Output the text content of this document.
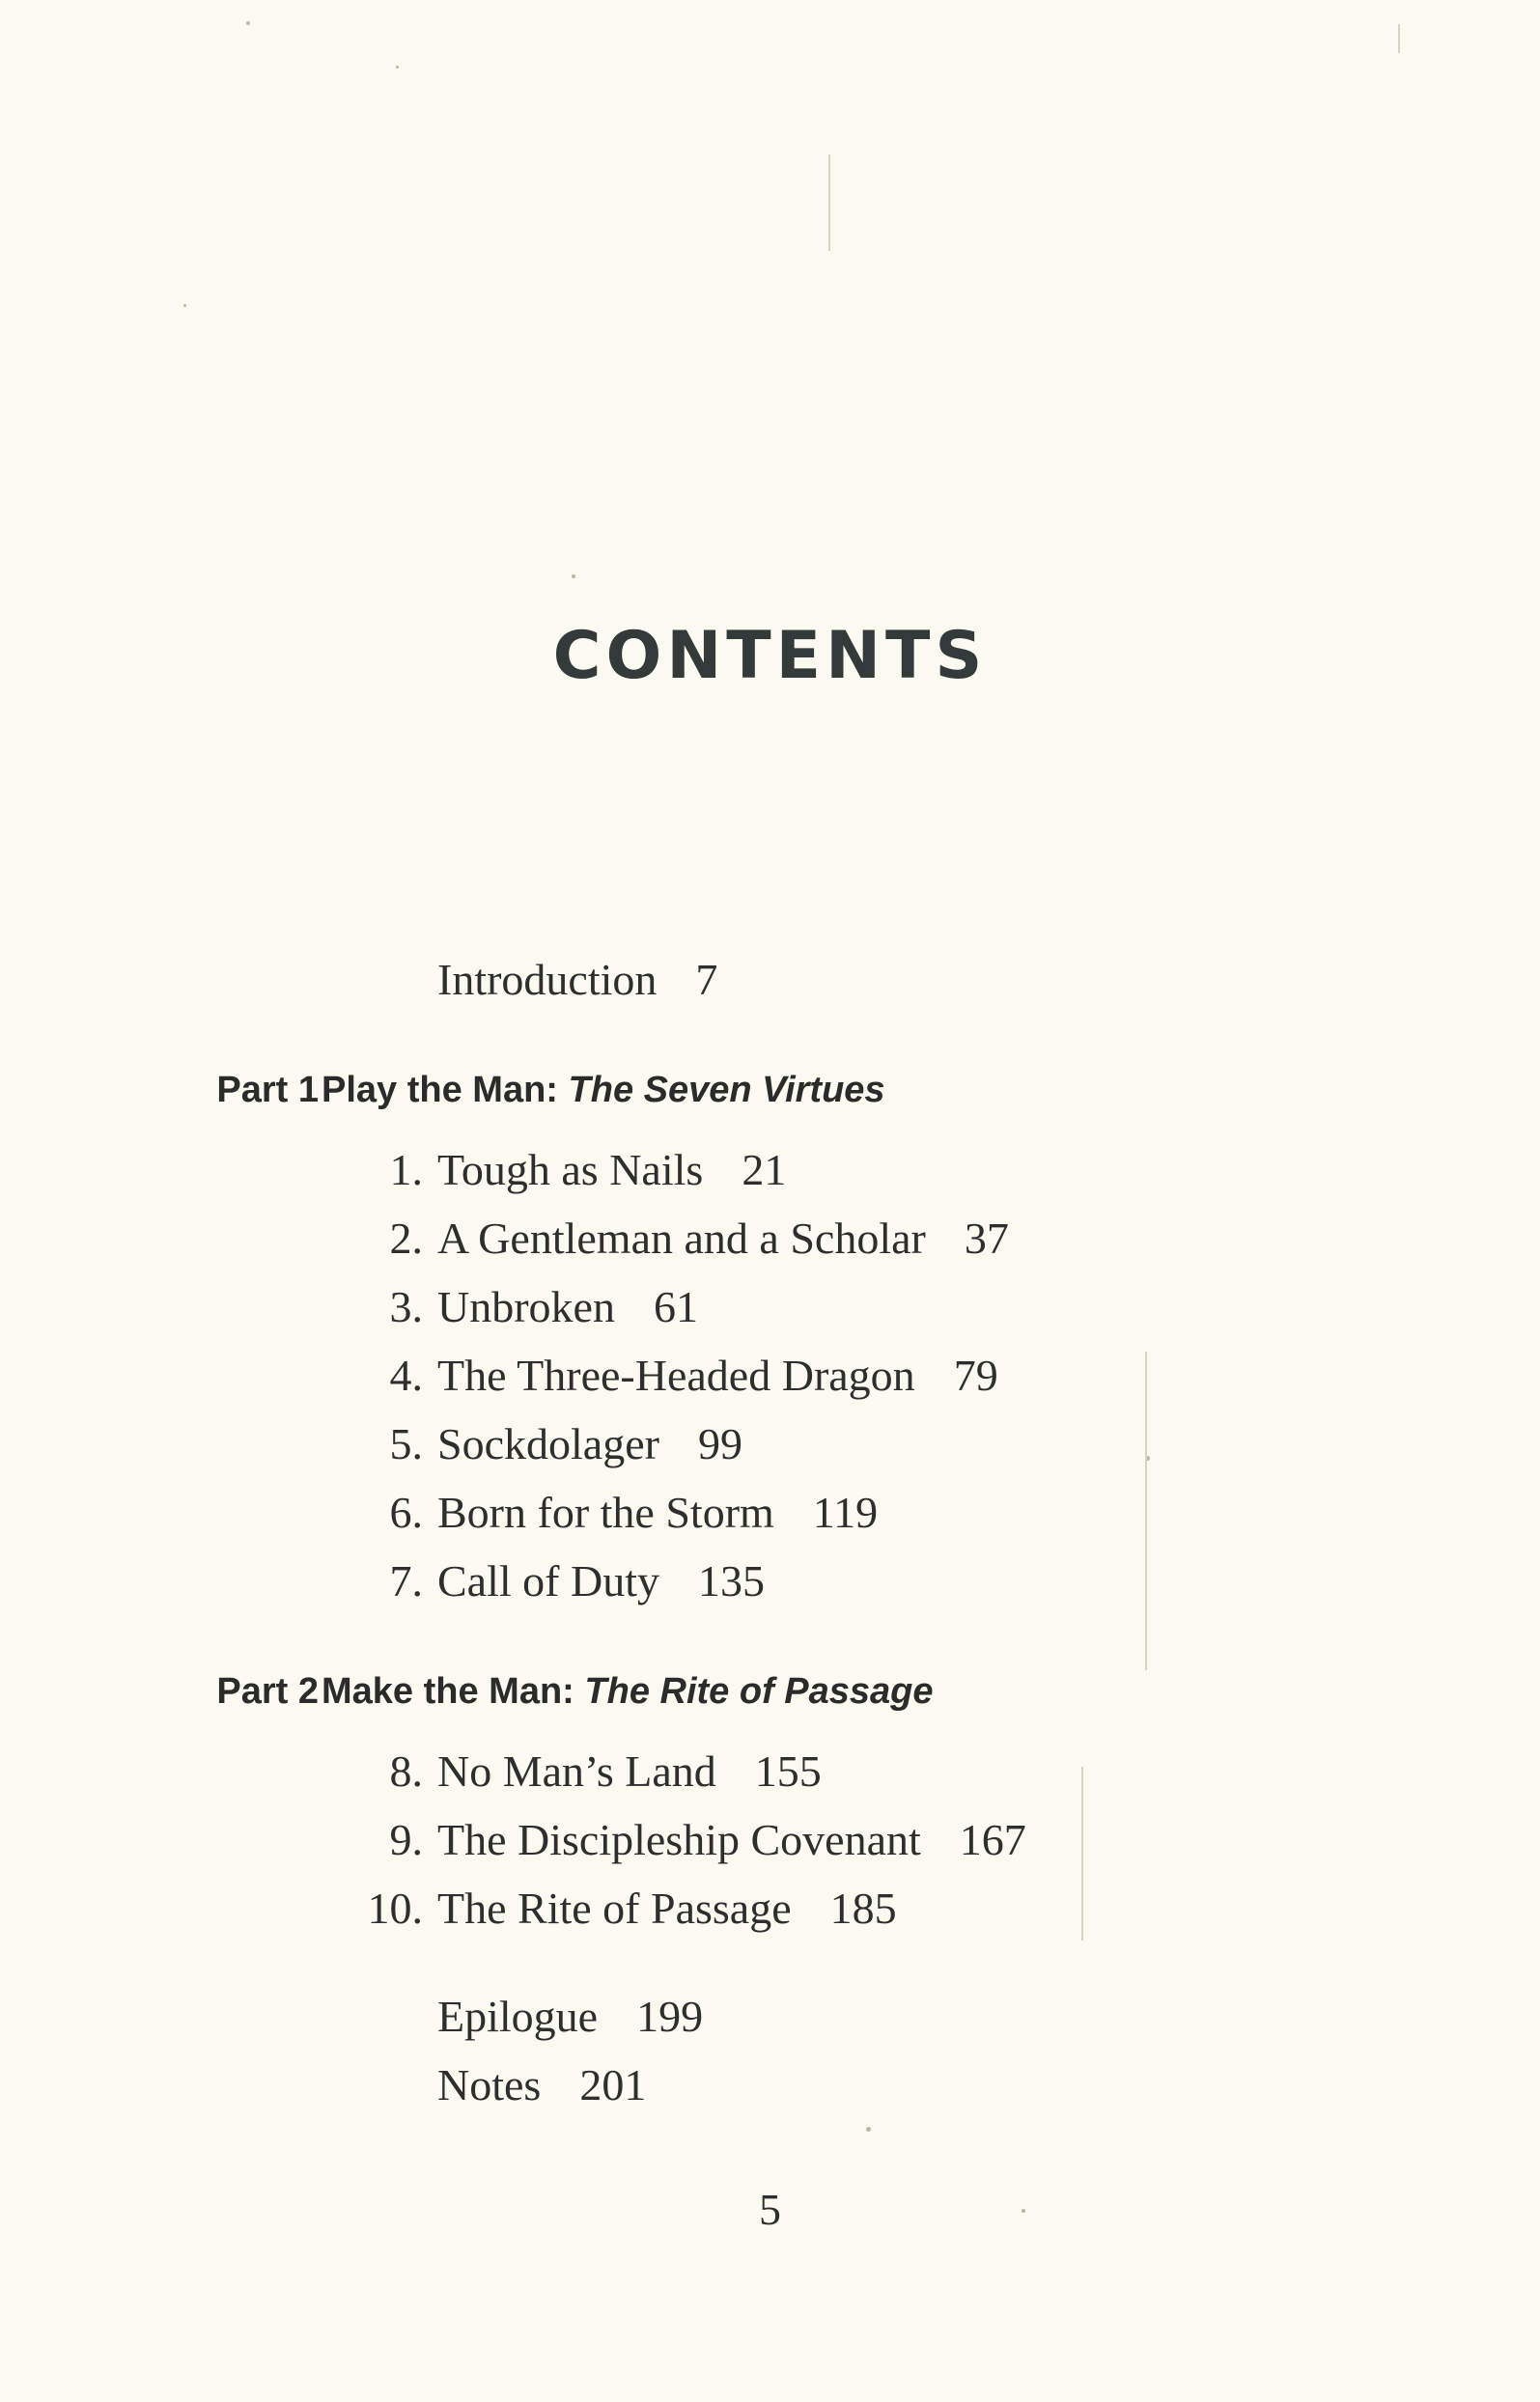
CONTENTS
Introduction 7
Part 1 Play the Man: The Seven Virtues
1. Tough as Nails 21
2. A Gentleman and a Scholar 37
3. Unbroken 61
4. The Three-Headed Dragon 79
5. Sockdolager 99
6. Born for the Storm 119
7. Call of Duty 135
Part 2 Make the Man: The Rite of Passage
8. No Man’s Land 155
9. The Discipleship Covenant 167
10. The Rite of Passage 185
Epilogue 199
Notes 201
5
